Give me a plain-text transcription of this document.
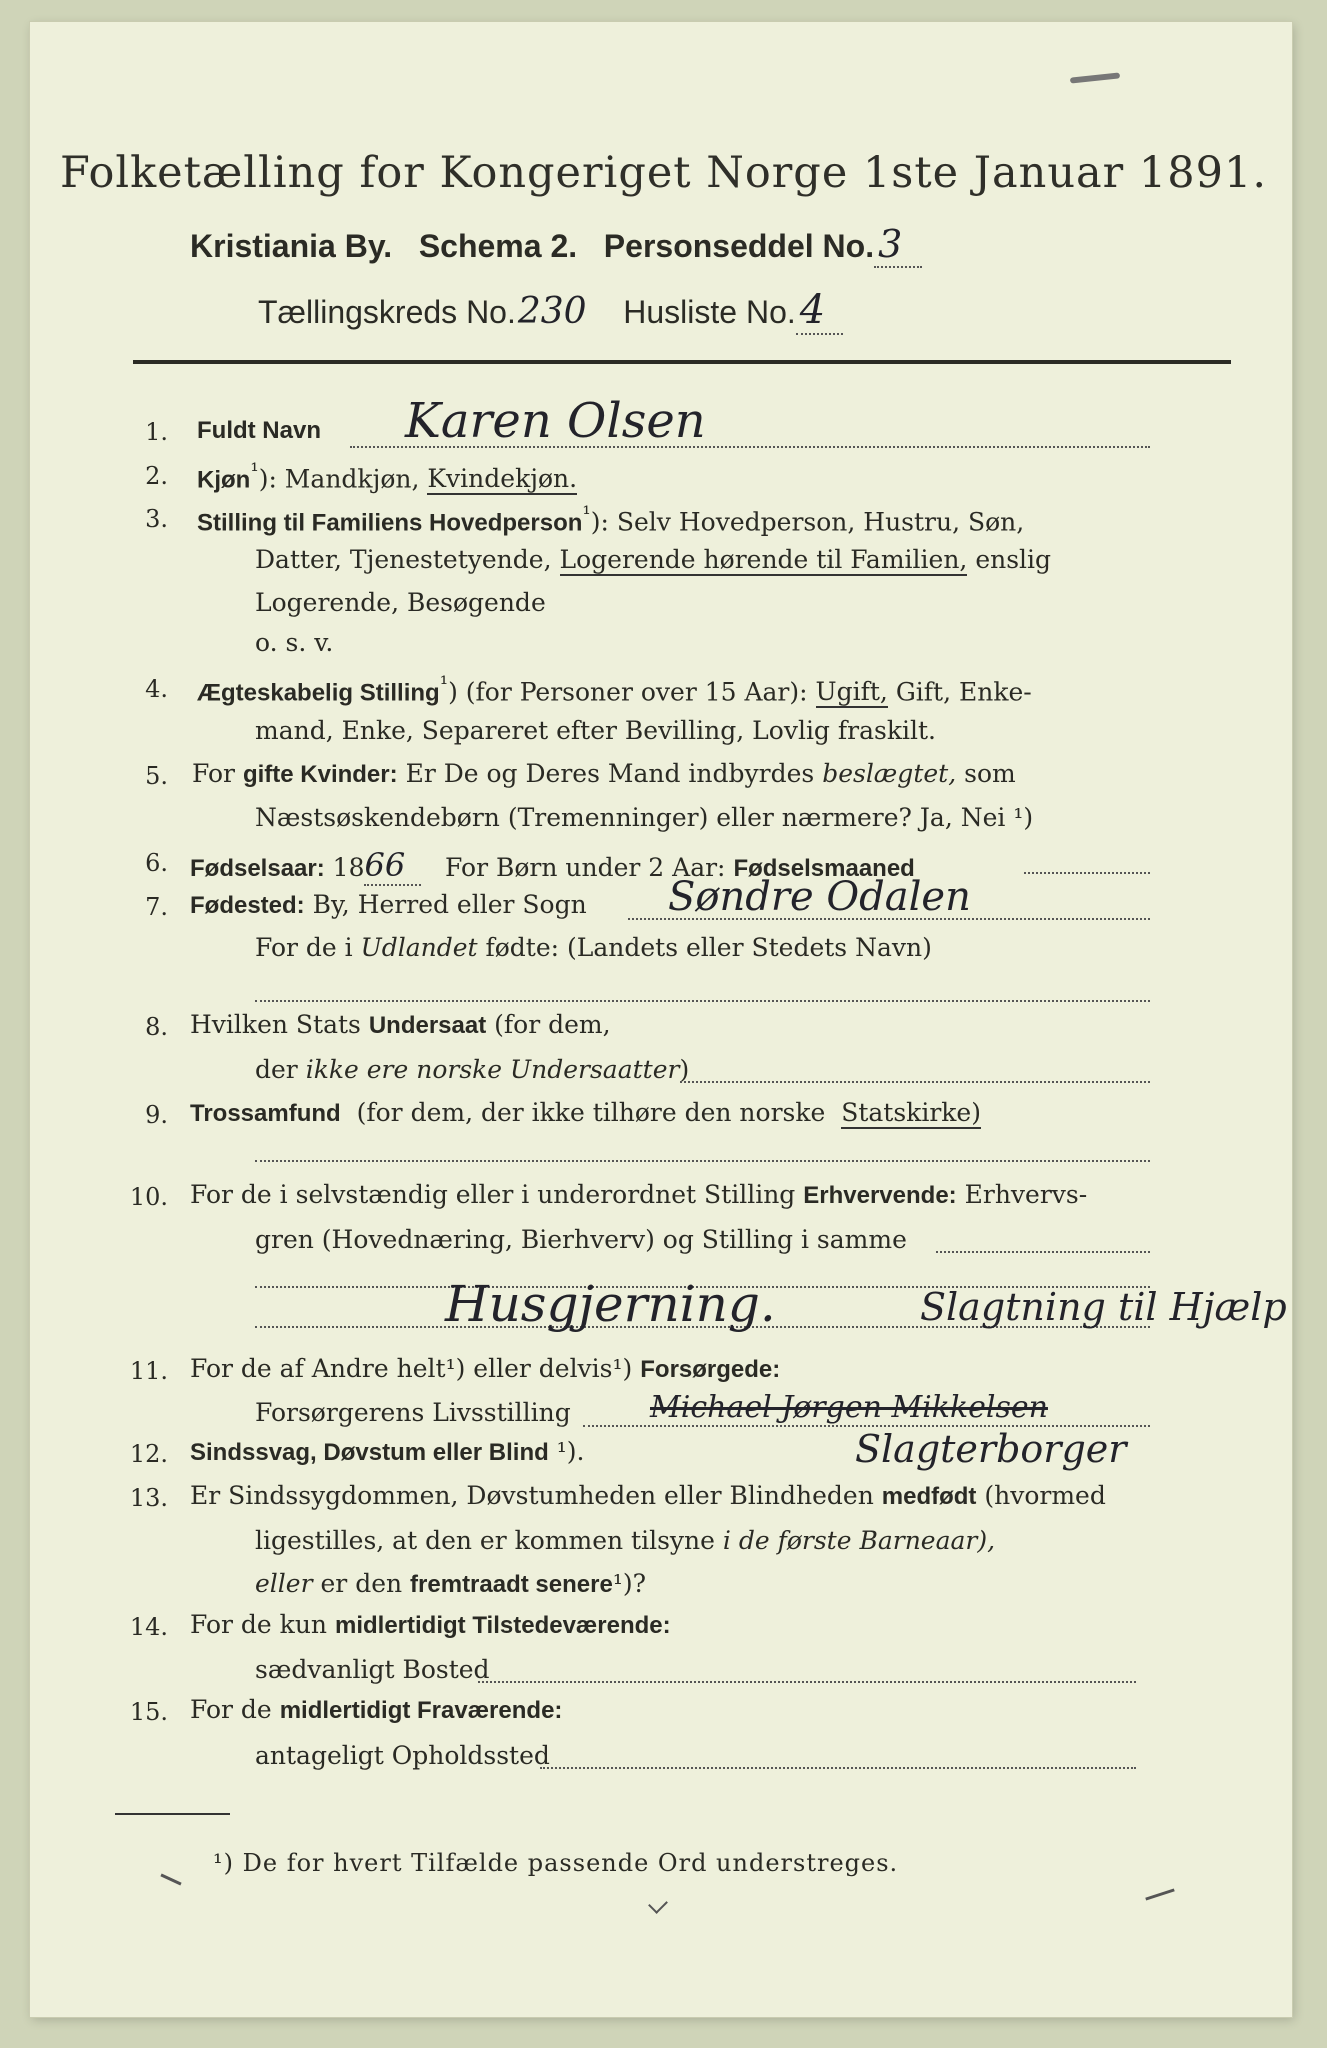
Folketælling for Kongeriget Norge 1ste Januar 1891.
Kristiania By. Schema 2. Personseddel No. 3
Tællingskreds No.230 Husliste No. 4
1. Fuldt Navn Karen Olsen
2. Kjøn$^{^1}$): Mandkjøn, Kvindekjøn.
3. Stilling til Familiens Hovedperson$^{^1}$): Selv Hovedperson, Hustru, Søn,
Datter, Tjenestetyende, Logerende hørende til Familien, enslig
Logerende, Besøgende
o. s. v.
4. Ægteskabelig Stilling$^{^1}$) (for Personer over 15 Aar): Ugift, Gift, Enke-
mand, Enke, Separeret efter Bevilling, Lovlig fraskilt.
5. For gifte Kvinder: Er De og Deres Mand indbyrdes beslægtet, som
Næstsøskendebørn (Tremenninger) eller nærmere? Ja, Nei ¹)
6. Fødselsaar: 1866 For Børn under 2 Aar: Fødselsmaaned
7. Fødested: By, Herred eller Sogn Søndre Odalen
For de i Udlandet fødte: (Landets eller Stedets Navn)
8. Hvilken Stats Undersaat (for dem,
der ikke ere norske Undersaatter)
9. Trossamfund (for dem, der ikke tilhøre den norske Statskirke)
10. For de i selvstændig eller i underordnet Stilling Erhvervende: Erhvervs-
gren (Hovednæring, Bierhverv) og Stilling i samme
Husgjerning.	Slagtning til Hjælp
11. For de af Andre helt¹) eller delvis¹) Forsørgede:
Forsørgerens Livsstilling	Michael Jørgen Mikkelsen
12. Sindssvag, Døvstum eller Blind ¹).	Slagterborger
13. Er Sindssygdommen, Døvstumheden eller Blindheden medfødt (hvormed
ligestilles, at den er kommen tilsyne i de første Barneaar),
eller er den fremtraadt senere¹)?
14. For de kun midlertidigt Tilstedeværende:
sædvanligt Bosted
15. For de midlertidigt Fraværende:
antageligt Opholdssted
¹) De for hvert Tilfælde passende Ord understreges.
